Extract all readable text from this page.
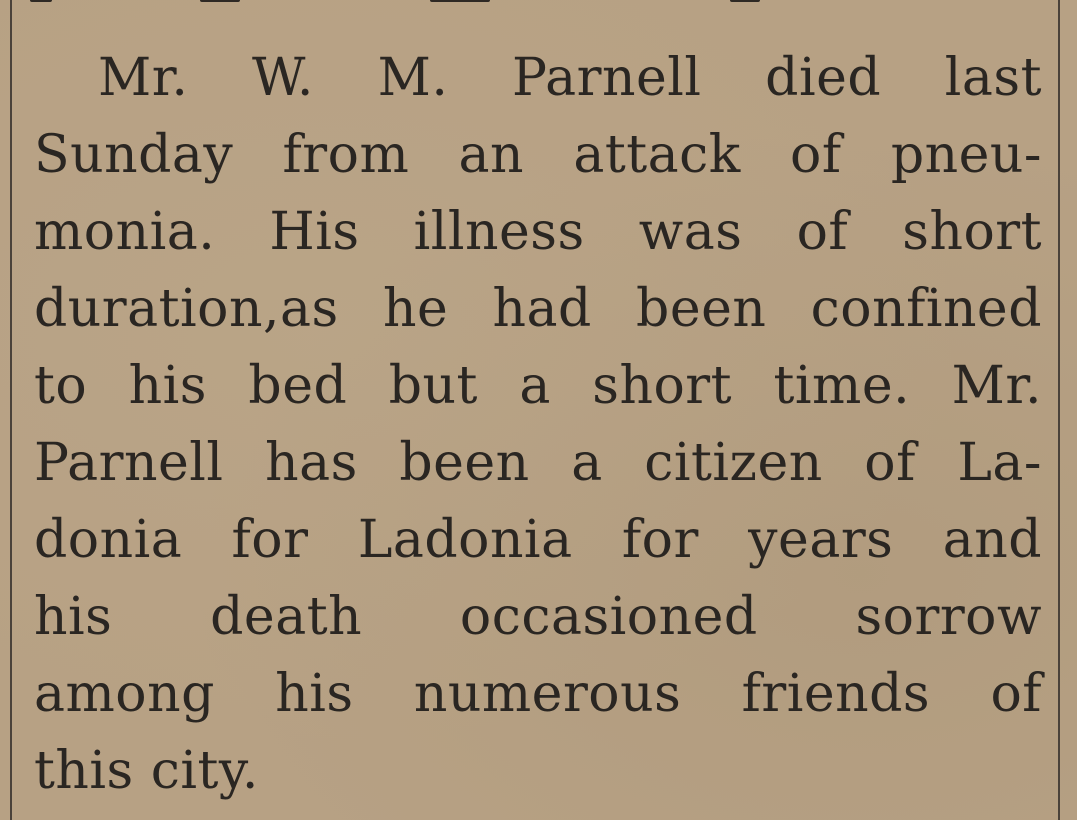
Mr. W. M. Parnell died last
Sunday from an attack of pneu-
monia. His illness was of short
duration,as he had been confined
to his bed but a short time. Mr.
Parnell has been a citizen of La-
donia for Ladonia for years and
his death occasioned sorrow
among his numerous friends of
this city.
